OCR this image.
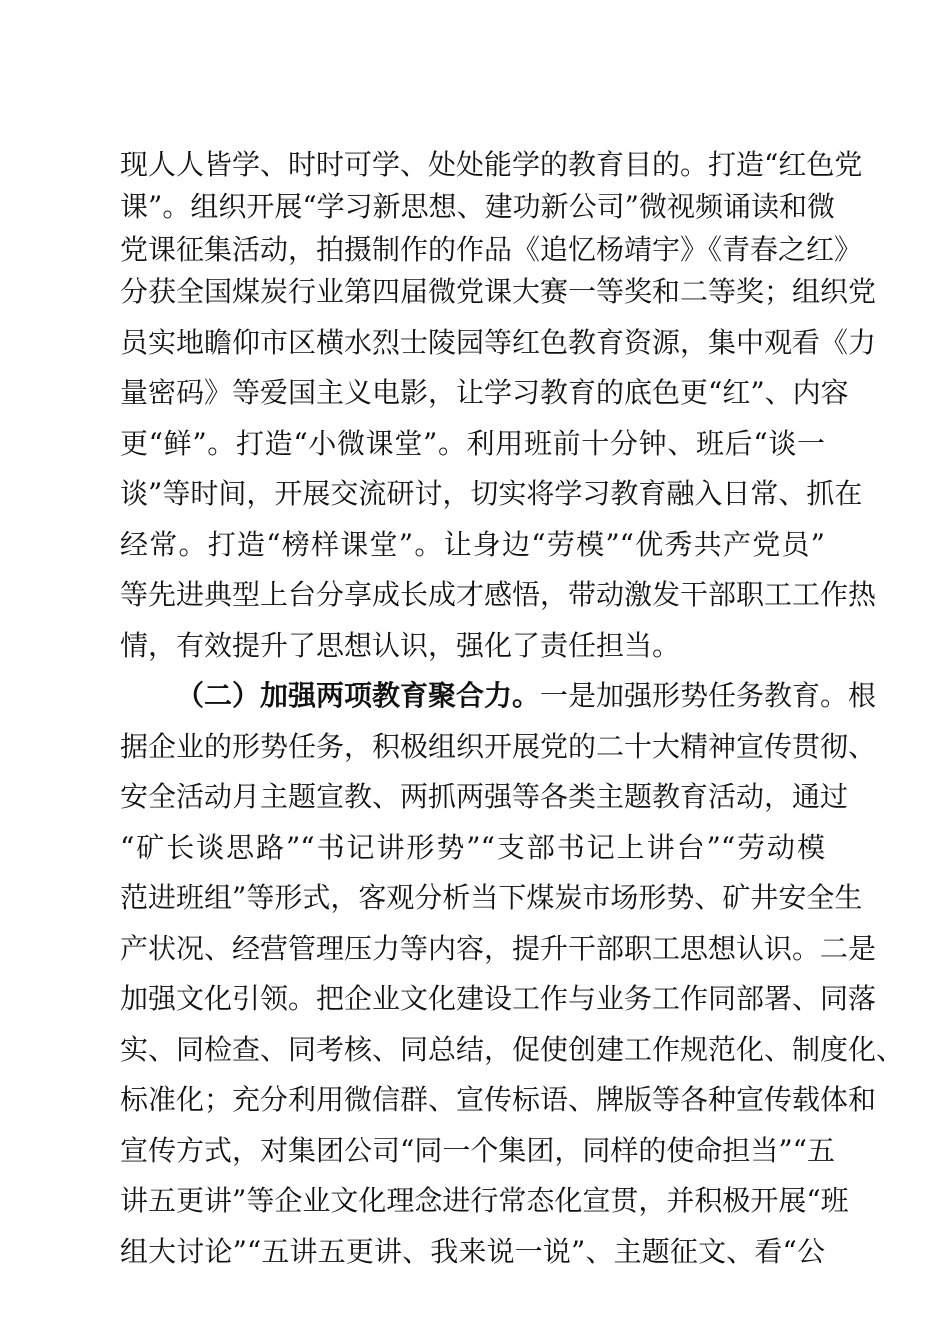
现人人皆学、时时可学、处处能学的教育目的。打造“红色党
课”。组织开展“学习新思想、建功新公司”微视频诵读和微
党课征集活动，拍摄制作的作品《追忆杨靖宇》《青春之红》
分获全国煤炭行业第四届微党课大赛一等奖和二等奖；组织党
员实地瞻仰市区横水烈士陵园等红色教育资源，集中观看《力
量密码》等爱国主义电影，让学习教育的底色更“红”、内容
更“鲜”。打造“小微课堂”。利用班前十分钟、班后“谈一
谈”等时间，开展交流研讨，切实将学习教育融入日常、抓在
经常。打造“榜样课堂”。让身边“劳模”“优秀共产党员”
等先进典型上台分享成长成才感悟，带动激发干部职工工作热
情，有效提升了思想认识，强化了责任担当。
（二）加强两项教育聚合力。一是加强形势任务教育。根
据企业的形势任务，积极组织开展党的二十大精神宣传贯彻、
安全活动月主题宣教、两抓两强等各类主题教育活动，通过
“矿长谈思路”“书记讲形势”“支部书记上讲台”“劳动模
范进班组”等形式，客观分析当下煤炭市场形势、矿井安全生
产状况、经营管理压力等内容，提升干部职工思想认识。二是
加强文化引领。把企业文化建设工作与业务工作同部署、同落
实、同检查、同考核、同总结，促使创建工作规范化、制度化、
标准化；充分利用微信群、宣传标语、牌版等各种宣传载体和
宣传方式，对集团公司“同一个集团，同样的使命担当”“五
讲五更讲”等企业文化理念进行常态化宣贯，并积极开展“班
组大讨论”“五讲五更讲、我来说一说”、主题征文、看“公
